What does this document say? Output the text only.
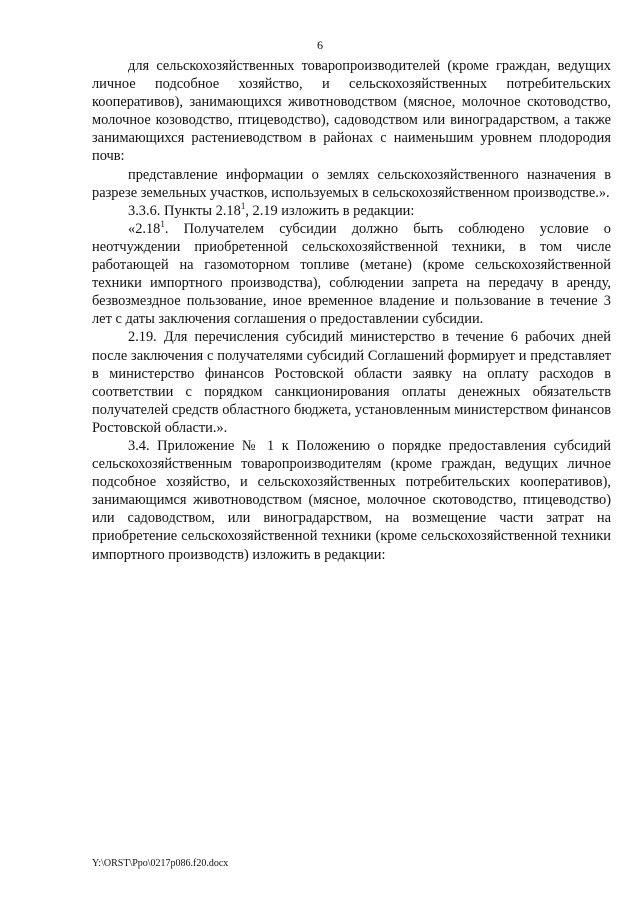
6

для сельскохозяйственных товаропроизводителей (кроме граждан, ведущих личное подсобное хозяйство, и сельскохозяйственных потребительских кооперативов), занимающихся животноводством (мясное, молочное скотоводство, молочное козоводство, птицеводство), садоводством или виноградарством, а также занимающихся растениеводством в районах с наименьшим уровнем плодородия почв:

представление информации о землях сельскохозяйственного назначения в разрезе земельных участков, используемых в сельскохозяйственном производстве.».

3.3.6. Пункты 2.18$^1$, 2.19 изложить в редакции:

«2.18$^1$. Получателем субсидии должно быть соблюдено условие о неотчуждении приобретенной сельскохозяйственной техники, в том числе работающей на газомоторном топливе (метане) (кроме сельскохозяйственной техники импортного производства), соблюдении запрета на передачу в аренду, безвозмездное пользование, иное временное владение и пользование в течение 3 лет с даты заключения соглашения о предоставлении субсидии.

2.19. Для перечисления субсидий министерство в течение 6 рабочих дней после заключения с получателями субсидий Соглашений формирует и представляет в министерство финансов Ростовской области заявку на оплату расходов в соответствии с порядком санкционирования оплаты денежных обязательств получателей средств областного бюджета, установленным министерством финансов Ростовской области.».

3.4. Приложение № 1 к Положению о порядке предоставления субсидий сельскохозяйственным товаропроизводителям (кроме граждан, ведущих личное подсобное хозяйство, и сельскохозяйственных потребительских кооперативов), занимающимся животноводством (мясное, молочное скотоводство, птицеводство) или садоводством, или виноградарством, на возмещение части затрат на приобретение сельскохозяйственной техники (кроме сельскохозяйственной техники импортного производств) изложить в редакции:

Y:\ORST\Ppo\0217p086.f20.docx
